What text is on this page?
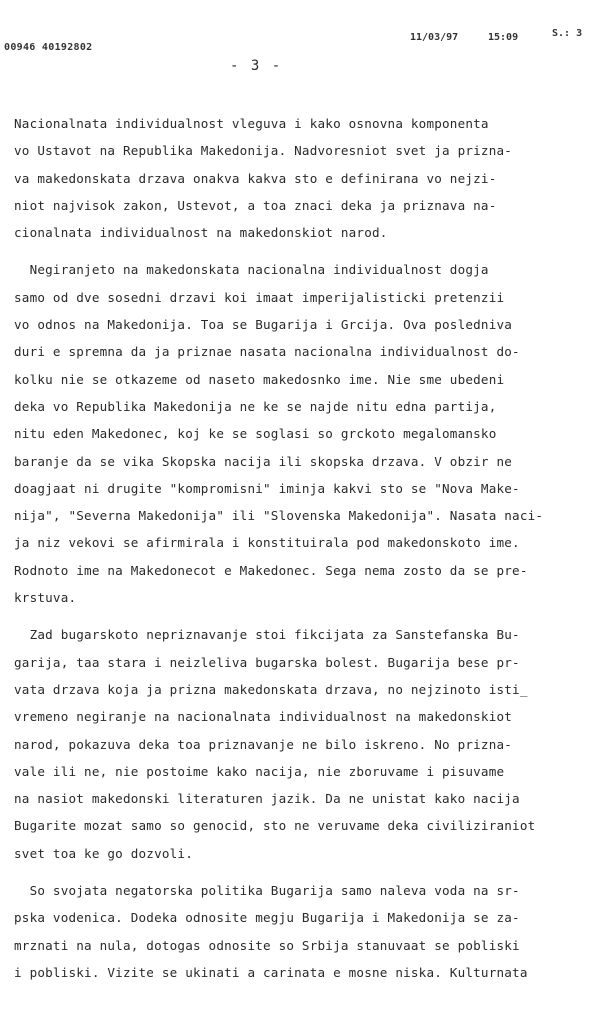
00946 40192802
11/03/97	15:09	S.: 3
- 3 -
Nacionalnata individualnost vleguva i kako osnovna komponenta
vo Ustavot na Republika Makedonija. Nadvoresniot svet ja prizna-
va makedonskata drzava onakva kakva sto e definirana vo nejzi-
niot najvisok zakon, Ustevot, a toa znaci deka ja priznava na-
cionalnata individualnost na makedonskiot narod.
Negiranjeto na makedonskata nacionalna individualnost dogja
samo od dve sosedni drzavi koi imaat imperijalisticki pretenzii
vo odnos na Makedonija. Toa se Bugarija i Grcija. Ova posledniva
duri e spremna da ja priznae nasata nacionalna individualnost do-
kolku nie se otkazeme od naseto makedosnko ime. Nie sme ubedeni
deka vo Republika Makedonija ne ke se najde nitu edna partija,
nitu eden Makedonec, koj ke se soglasi so grckoto megalomansko
baranje da se vika Skopska nacija ili skopska drzava. V obzir ne
doagjaat ni drugite "kompromisni" iminja kakvi sto se "Nova Make-
nija", "Severna Makedonija" ili "Slovenska Makedonija". Nasata naci-
ja niz vekovi se afirmirala i konstituirala pod makedonskoto ime.
Rodnoto ime na Makedonecot e Makedonec. Sega nema zosto da se pre-
krstuva.
Zad bugarskoto nepriznavanje stoi fikcijata za Sanstefanska Bu-
garija, taa stara i neizleliva bugarska bolest. Bugarija bese pr-
vata drzava koja ja prizna makedonskata drzava, no nejzinoto isti_
vremeno negiranje na nacionalnata individualnost na makedonskiot
narod, pokazuva deka toa priznavanje ne bilo iskreno. No prizna-
vale ili ne, nie postoime kako nacija, nie zboruvame i pisuvame
na nasiot makedonski literaturen jazik. Da ne unistat kako nacija
Bugarite mozat samo so genocid, sto ne veruvame deka civiliziraniot
svet toa ke go dozvoli.
So svojata negatorska politika Bugarija samo naleva voda na sr-
pska vodenica. Dodeka odnosite megju Bugarija i Makedonija se za-
mrznati na nula, dotogas odnosite so Srbija stanuvaat se pobliski
i pobliski. Vizite se ukinati a carinata e mosne niska. Kulturnata
